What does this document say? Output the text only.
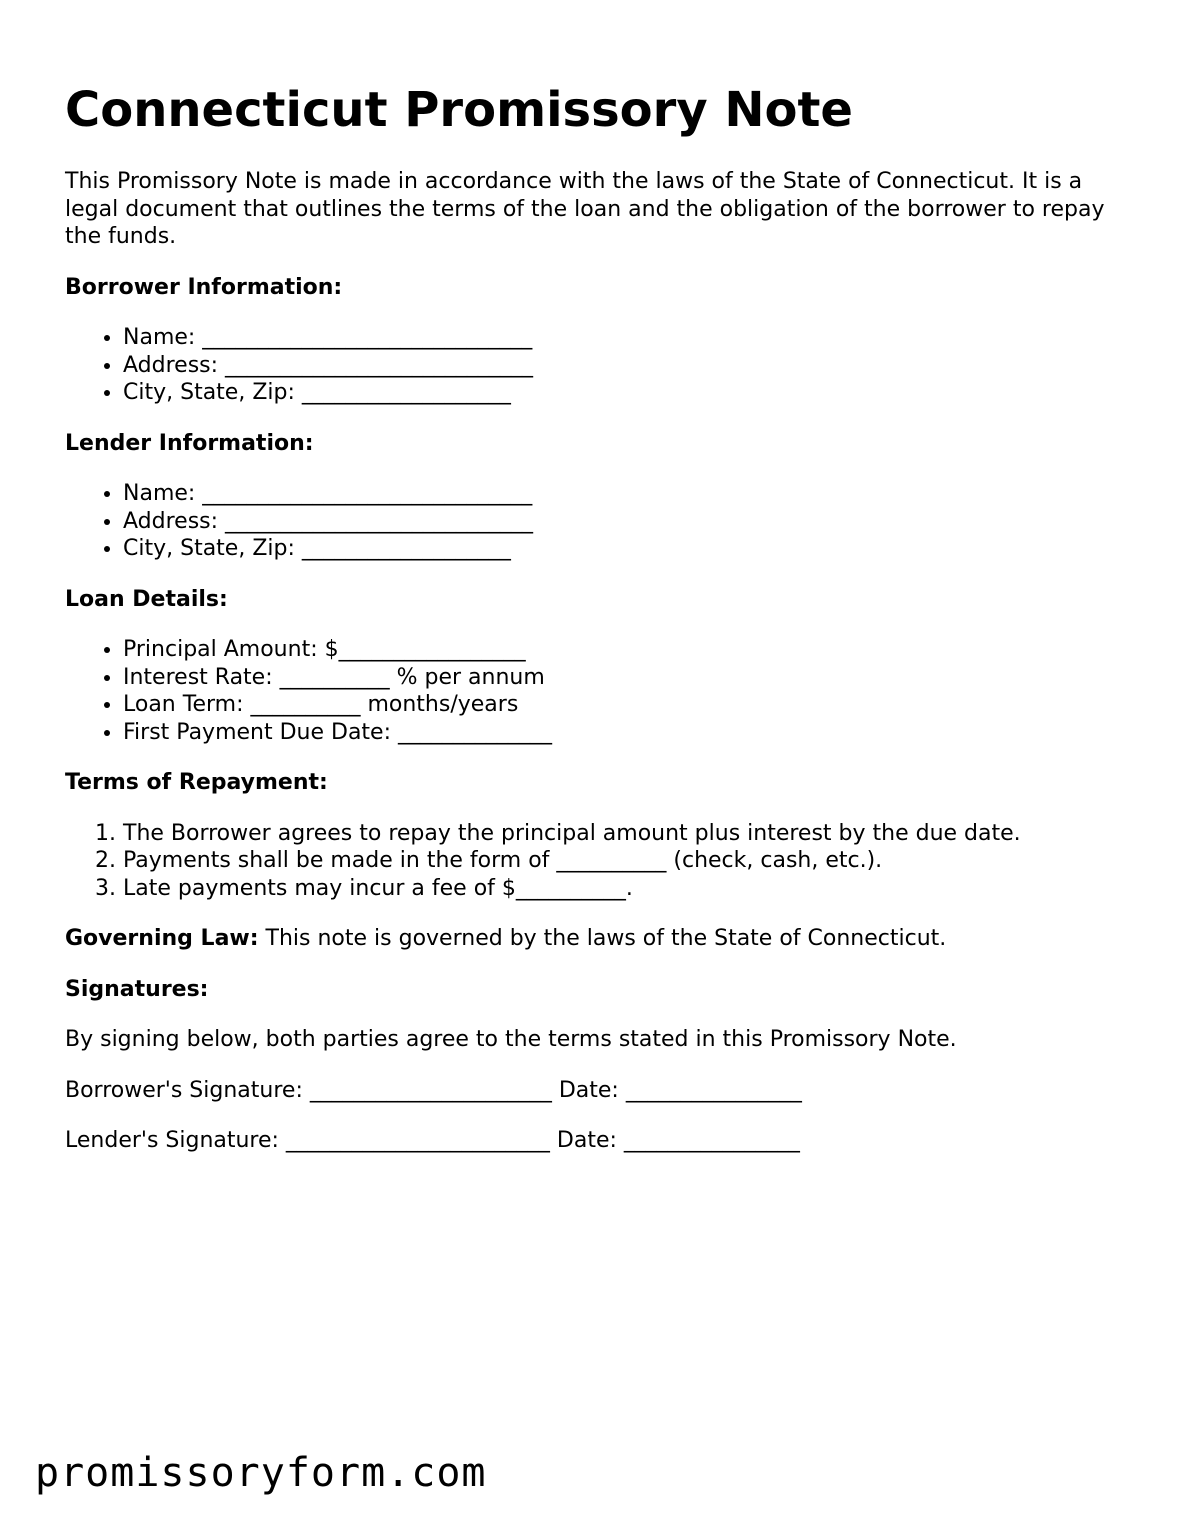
Connecticut Promissory Note

This Promissory Note is made in accordance with the laws of the State of Connecticut. It is a legal document that outlines the terms of the loan and the obligation of the borrower to repay the funds.

Borrower Information:
• Name: ______________________________
• Address: ____________________________
• City, State, Zip: ___________________
Lender Information:
• Name: ______________________________
• Address: ____________________________
• City, State, Zip: ___________________
Loan Details:
• Principal Amount: $_________________
• Interest Rate: __________ % per annum
• Loan Term: __________ months/years
• First Payment Due Date: ______________
Terms of Repayment:
1. The Borrower agrees to repay the principal amount plus interest by the due date.
2. Payments shall be made in the form of __________ (check, cash, etc.).
3. Late payments may incur a fee of $__________.

Governing Law: This note is governed by the laws of the State of Connecticut.

Signatures:

By signing below, both parties agree to the terms stated in this Promissory Note.

Borrower's Signature: ______________________ Date: ________________

Lender's Signature: ________________________ Date: ________________

promissoryform.com
